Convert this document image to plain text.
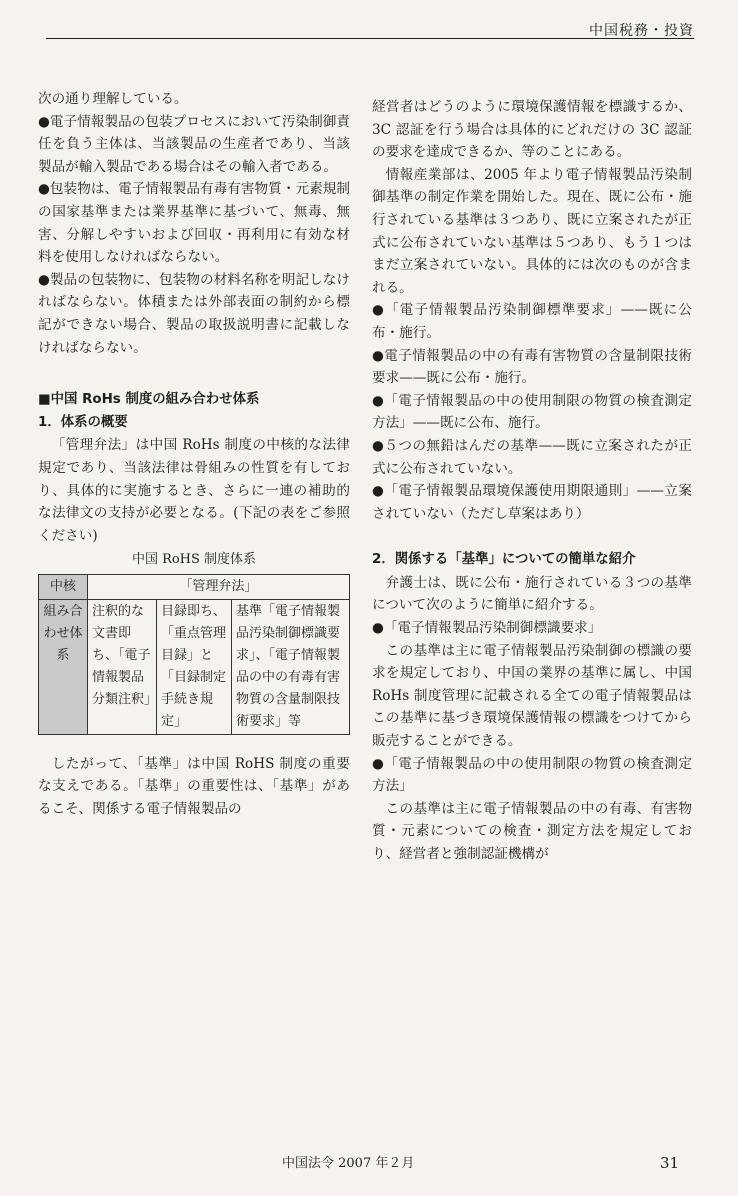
中国税務・投資

次の通り理解している。

●電子情報製品の包装プロセスにおいて汚染制御責任を負う主体は、当該製品の生産者であり、当該製品が輸入製品である場合はその輸入者である。

●包装物は、電子情報製品有毒有害物質・元素規制の国家基準または業界基準に基づいて、無毒、無害、分解しやすいおよび回収・再利用に有効な材料を使用しなければならない。

●製品の包装物に、包装物の材料名称を明記しなければならない。体積または外部表面の制約から標記ができない場合、製品の取扱説明書に記載しなければならない。

■中国 RoHs 制度の組み合わせ体系

1．体系の概要

「管理弁法」は中国 RoHs 制度の中核的な法律規定であり、当該法律は骨組みの性質を有しており、具体的に実施するとき、さらに一連の補助的な法律文の支持が必要となる。(下記の表をご参照ください)

中国 RoHS 制度体系
中核	「管理弁法」		
組み合わせ体系	注釈的な文書即ち、「電子情報製品分類注釈」	目録即ち、「重点管理目録」と「目録制定手続き規定」	基準「電子情報製品汚染制御標識要求」、「電子情報製品の中の有毒有害物質の含量制限技術要求」等

したがって、「基準」は中国 RoHS 制度の重要な支えである。「基準」の重要性は、「基準」があるこそ、関係する電子情報製品の

経営者はどうのように環境保護情報を標識するか、3C 認証を行う場合は具体的にどれだけの 3C 認証の要求を達成できるか、等のことにある。

情報産業部は、2005 年より電子情報製品汚染制御基準の制定作業を開始した。現在、既に公布・施行されている基準は３つあり、既に立案されたが正式に公布されていない基準は５つあり、もう１つはまだ立案されていない。具体的には次のものが含まれる。

●「電子情報製品汚染制御標準要求」——既に公布・施行。

●電子情報製品の中の有毒有害物質の含量制限技術要求——既に公布・施行。

●「電子情報製品の中の使用制限の物質の検査測定方法」——既に公布、施行。

●５つの無鉛はんだの基準——既に立案されたが正式に公布されていない。

●「電子情報製品環境保護使用期限通則」——立案されていない（ただし草案はあり）

2．関係する「基準」についての簡単な紹介

弁護士は、既に公布・施行されている３つの基準について次のように簡単に紹介する。

●「電子情報製品汚染制御標識要求」

この基準は主に電子情報製品汚染制御の標識の要求を規定しており、中国の業界の基準に属し、中国 RoHs 制度管理に記載される全ての電子情報製品はこの基準に基づき環境保護情報の標識をつけてから販売することができる。

●「電子情報製品の中の使用制限の物質の検査測定方法」

この基準は主に電子情報製品の中の有毒、有害物質・元素についての検査・測定方法を規定しており、経営者と強制認証機構が

中国法令 2007 年２月	31
